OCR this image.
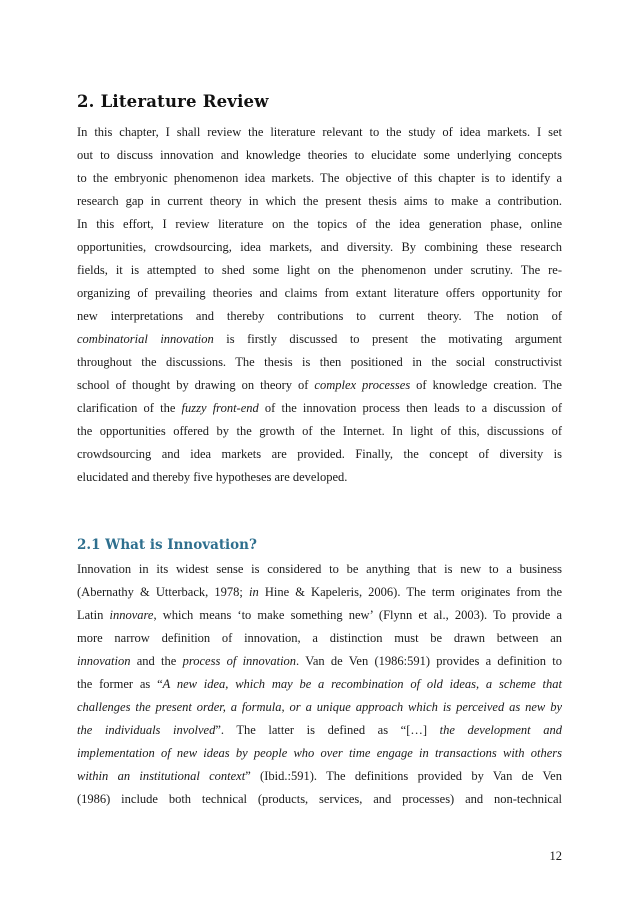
2. Literature Review
In this chapter, I shall review the literature relevant to the study of idea markets. I set
out to discuss innovation and knowledge theories to elucidate some underlying concepts
to the embryonic phenomenon idea markets. The objective of this chapter is to identify a
research gap in current theory in which the present thesis aims to make a contribution.
In this effort, I review literature on the topics of the idea generation phase, online
opportunities, crowdsourcing, idea markets, and diversity. By combining these research
fields, it is attempted to shed some light on the phenomenon under scrutiny. The re-
organizing of prevailing theories and claims from extant literature offers opportunity for
new interpretations and thereby contributions to current theory. The notion of
combinatorial innovation is firstly discussed to present the motivating argument
throughout the discussions. The thesis is then positioned in the social constructivist
school of thought by drawing on theory of complex processes of knowledge creation. The
clarification of the fuzzy front-end of the innovation process then leads to a discussion of
the opportunities offered by the growth of the Internet. In light of this, discussions of
crowdsourcing and idea markets are provided. Finally, the concept of diversity is
elucidated and thereby five hypotheses are developed.
2.1 What is Innovation?
Innovation in its widest sense is considered to be anything that is new to a business
(Abernathy & Utterback, 1978; in Hine & Kapeleris, 2006). The term originates from the
Latin innovare, which means ‘to make something new’ (Flynn et al., 2003). To provide a
more narrow definition of innovation, a distinction must be drawn between an
innovation and the process of innovation. Van de Ven (1986:591) provides a definition to
the former as “A new idea, which may be a recombination of old ideas, a scheme that
challenges the present order, a formula, or a unique approach which is perceived as new by
the individuals involved”. The latter is defined as “[…] the development and
implementation of new ideas by people who over time engage in transactions with others
within an institutional context” (Ibid.:591). The definitions provided by Van de Ven
(1986) include both technical (products, services, and processes) and non-technical
12
